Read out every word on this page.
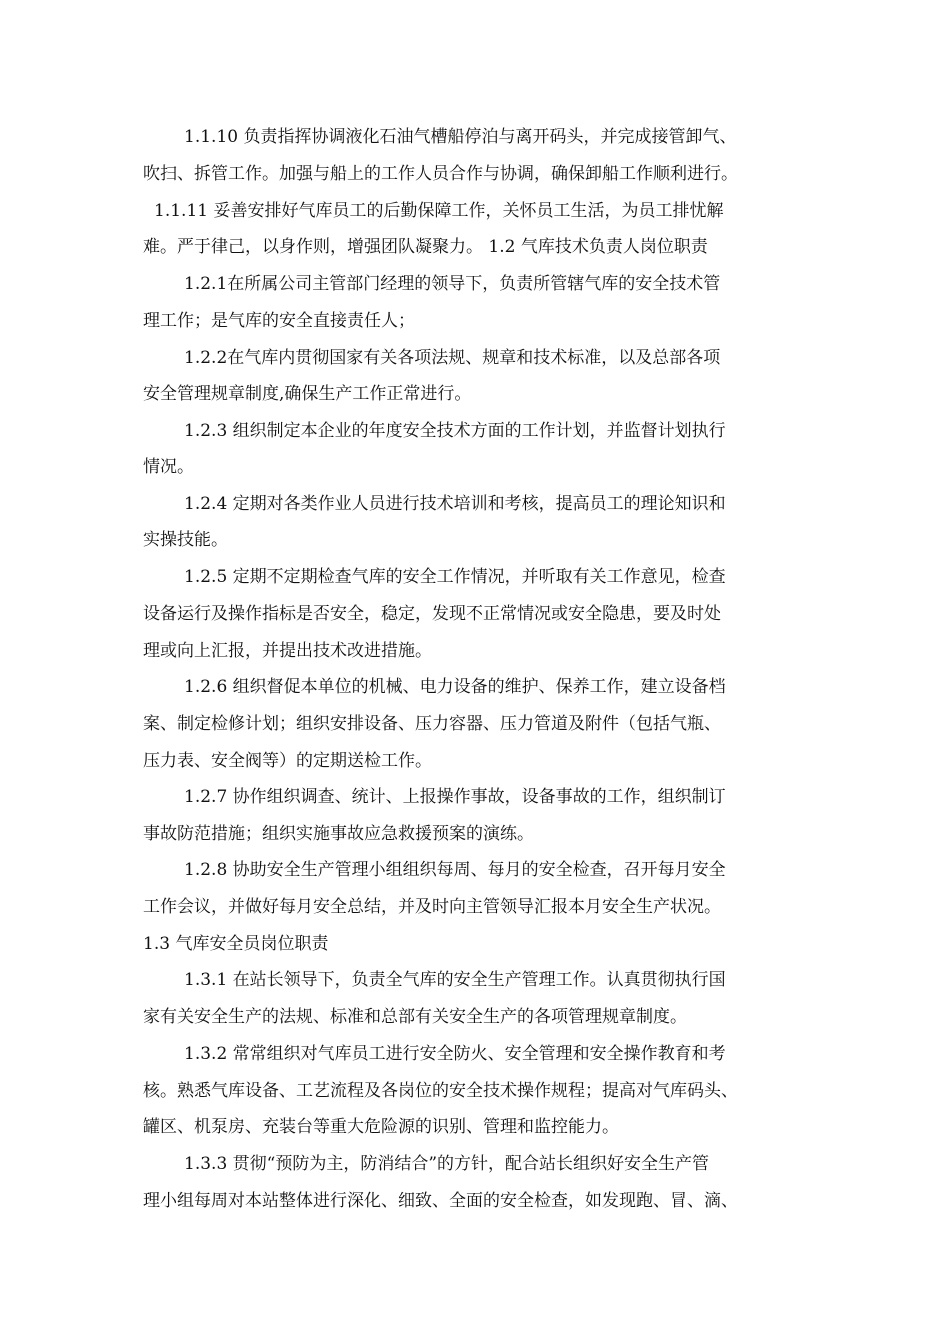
1.1.10 负责指挥协调液化石油气槽船停泊与离开码头，并完成接管卸气、

吹扫、拆管工作。加强与船上的工作人员合作与协调，确保卸船工作顺利进行。

1.1.11 妥善安排好气库员工的后勤保障工作，关怀员工生活，为员工排忧解

难。严于律己，以身作则，增强团队凝聚力。 1.2 气库技术负责人岗位职责

1.2.1在所属公司主管部门经理的领导下，负责所管辖气库的安全技术管

理工作；是气库的安全直接责任人；

1.2.2在气库内贯彻国家有关各项法规、规章和技术标准，以及总部各项

安全管理规章制度,确保生产工作正常进行。

1.2.3 组织制定本企业的年度安全技术方面的工作计划，并监督计划执行

情况。

1.2.4 定期对各类作业人员进行技术培训和考核，提高员工的理论知识和

实操技能。

1.2.5 定期不定期检查气库的安全工作情况，并听取有关工作意见，检查

设备运行及操作指标是否安全，稳定，发现不正常情况或安全隐患，要及时处

理或向上汇报，并提出技术改进措施。

1.2.6 组织督促本单位的机械、电力设备的维护、保养工作，建立设备档

案、制定检修计划；组织安排设备、压力容器、压力管道及附件（包括气瓶、

压力表、安全阀等）的定期送检工作。

1.2.7 协作组织调查、统计、上报操作事故，设备事故的工作，组织制订

事故防范措施；组织实施事故应急救援预案的演练。

1.2.8 协助安全生产管理小组组织每周、每月的安全检查，召开每月安全

工作会议，并做好每月安全总结，并及时向主管领导汇报本月安全生产状况。

1.3 气库安全员岗位职责

1.3.1 在站长领导下，负责全气库的安全生产管理工作。认真贯彻执行国

家有关安全生产的法规、标准和总部有关安全生产的各项管理规章制度。

1.3.2 常常组织对气库员工进行安全防火、安全管理和安全操作教育和考

核。熟悉气库设备、工艺流程及各岗位的安全技术操作规程；提高对气库码头、

罐区、机泵房、充装台等重大危险源的识别、管理和监控能力。

1.3.3 贯彻“预防为主，防消结合”的方针，配合站长组织好安全生产管

理小组每周对本站整体进行深化、细致、全面的安全检查，如发现跑、冒、滴、
